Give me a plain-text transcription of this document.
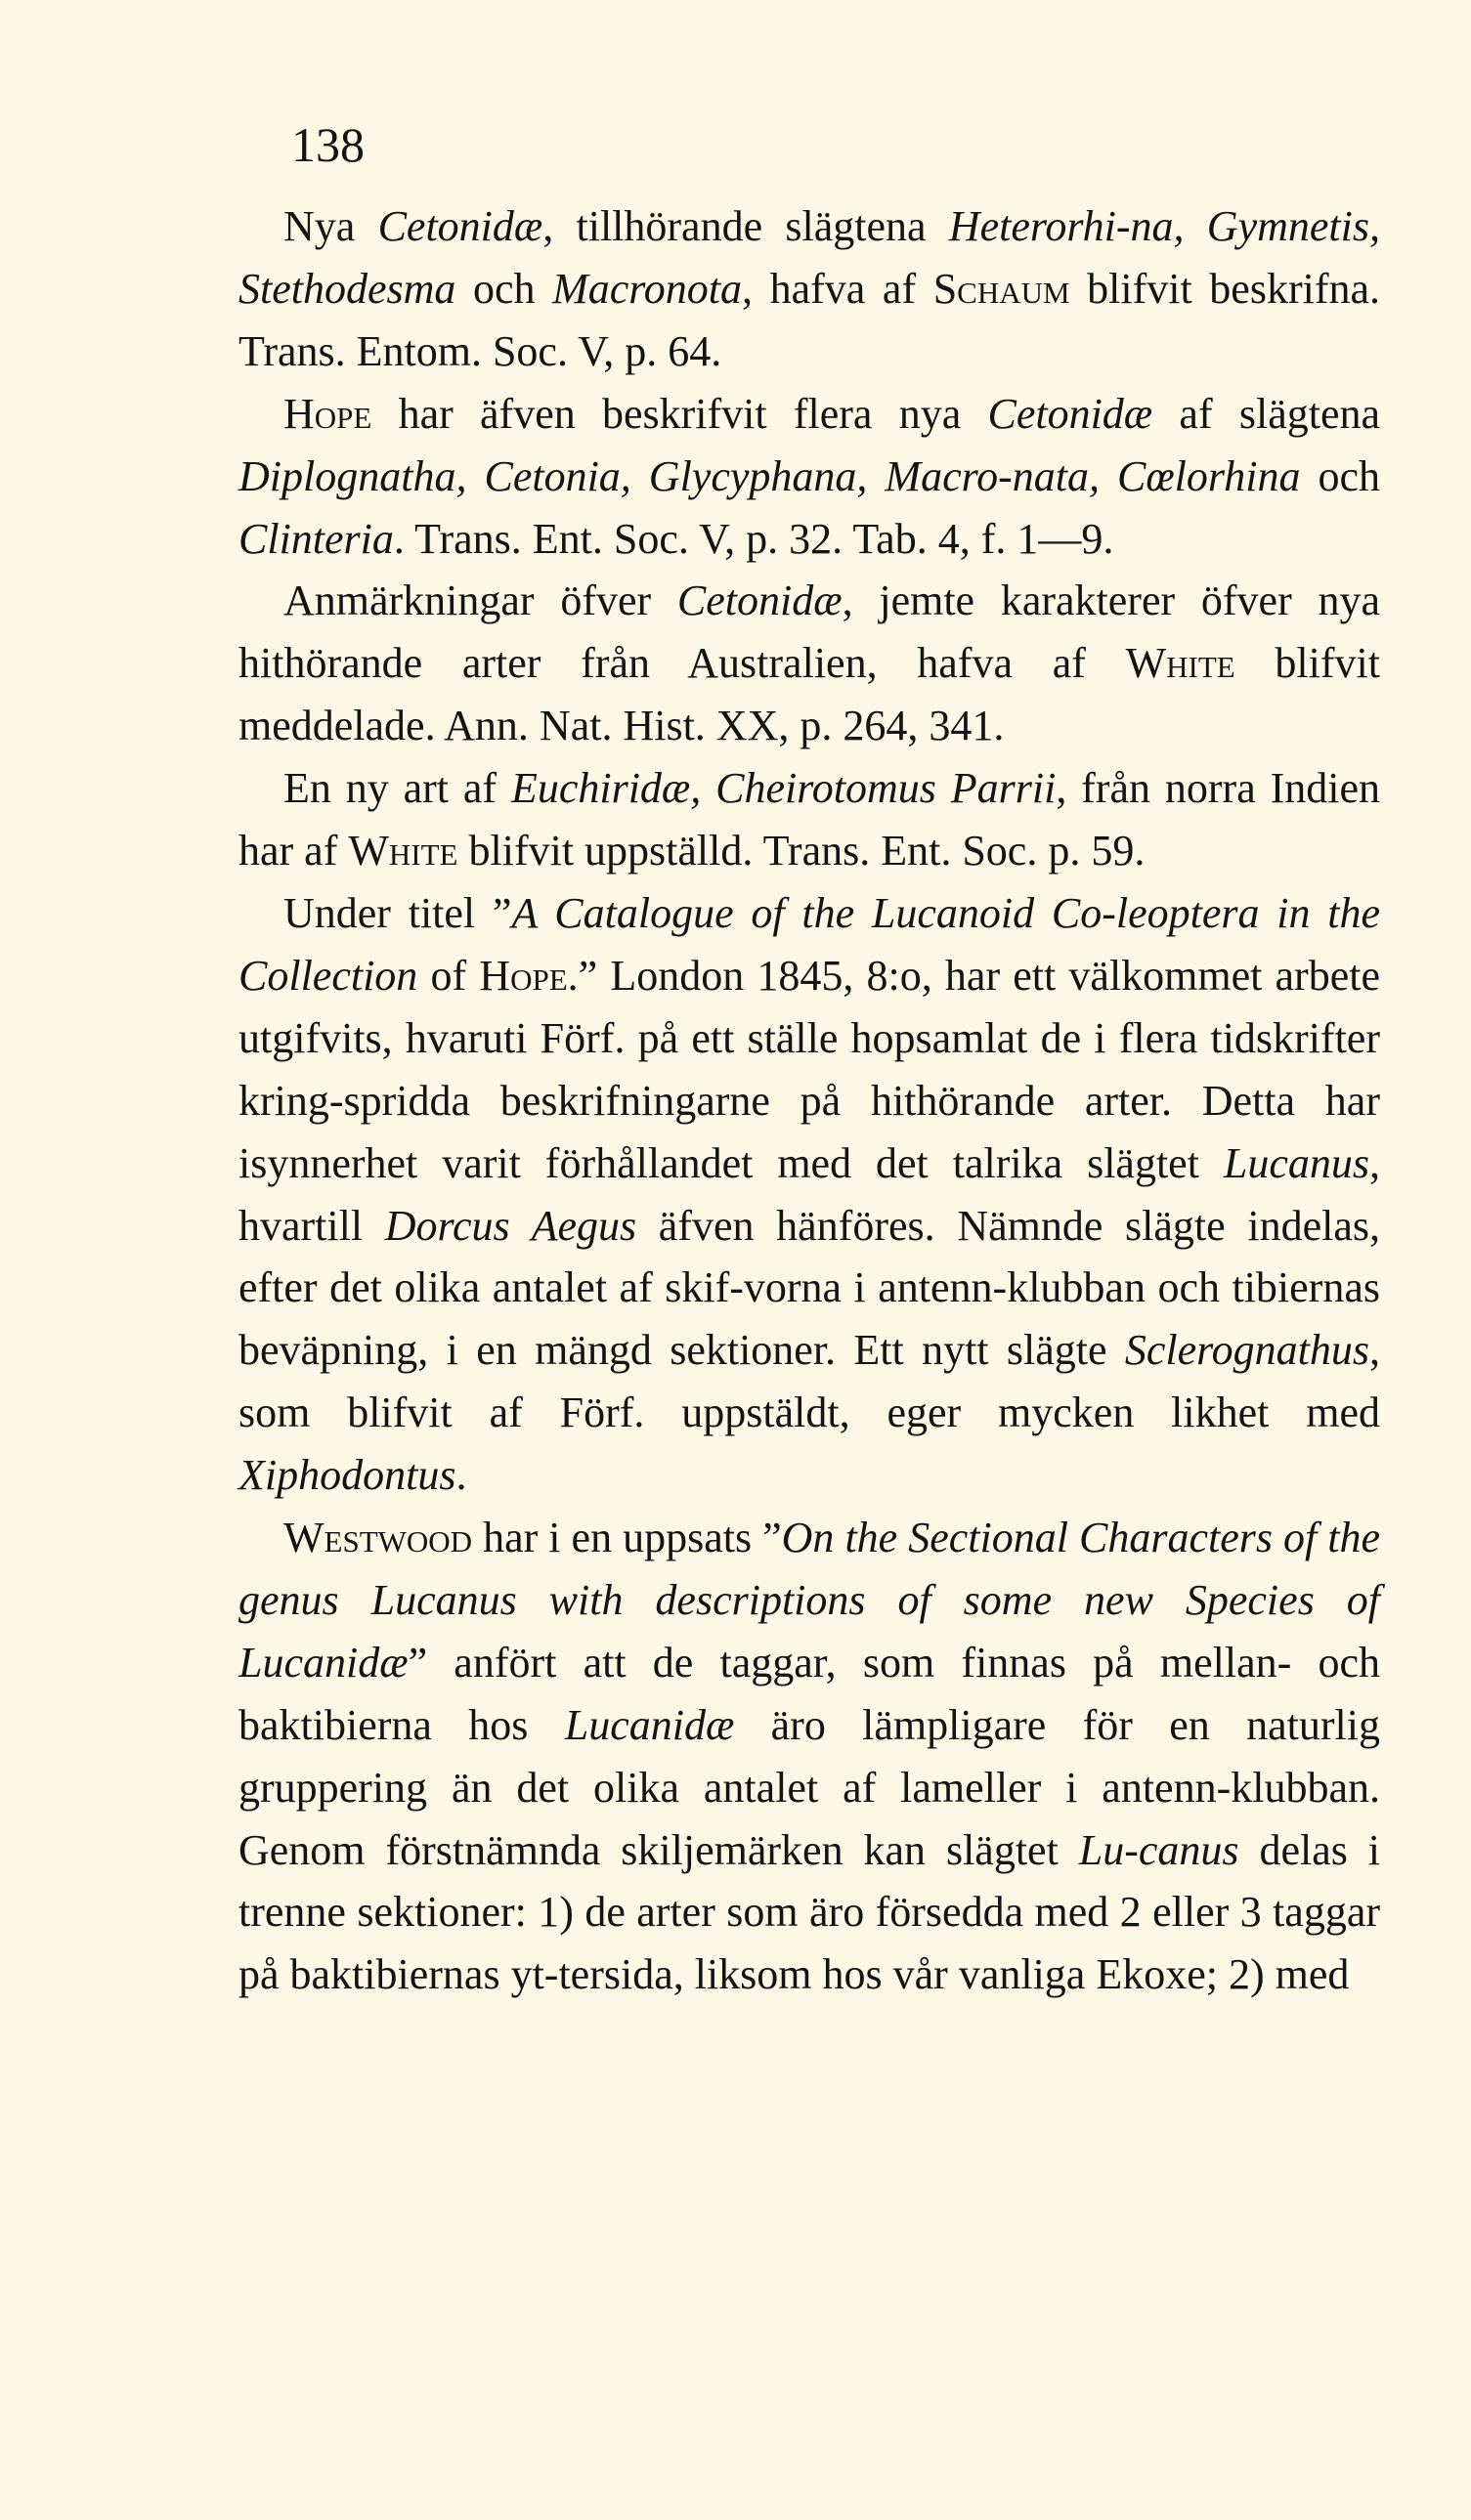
138

Nya Cetonidæ, tillhörande slägtena Heterorhi-na, Gymnetis, Stethodesma och Macronota, hafva af Schaum blifvit beskrifna. Trans. Entom. Soc. V, p. 64.

Hope har äfven beskrifvit flera nya Cetonidæ af slägtena Diplognatha, Cetonia, Glycyphana, Macro-nata, Cœlorhina och Clinteria. Trans. Ent. Soc. V, p. 32. Tab. 4, f. 1—9.

Anmärkningar öfver Cetonidæ, jemte karakterer öfver nya hithörande arter från Australien, hafva af White blifvit meddelade. Ann. Nat. Hist. XX, p. 264, 341.

En ny art af Euchiridæ, Cheirotomus Parrii, från norra Indien har af White blifvit uppställd. Trans. Ent. Soc. p. 59.

Under titel ”A Catalogue of the Lucanoid Co-leoptera in the Collection of Hope.” London 1845, 8:o, har ett välkommet arbete utgifvits, hvaruti Förf. på ett ställe hopsamlat de i flera tidskrifter kring-spridda beskrifningarne på hithörande arter. Detta har isynnerhet varit förhållandet med det talrika slägtet Lucanus, hvartill Dorcus Aegus äfven hänföres. Nämnde slägte indelas, efter det olika antalet af skif-vorna i antenn-klubban och tibiernas beväpning, i en mängd sektioner. Ett nytt slägte Sclerognathus, som blifvit af Förf. uppstäldt, eger mycken likhet med Xiphodontus.

Westwood har i en uppsats ”On the Sectional Characters of the genus Lucanus with descriptions of some new Species of Lucanidæ” anfört att de taggar, som finnas på mellan- och baktibierna hos Lucanidæ äro lämpligare för en naturlig gruppering än det olika antalet af lameller i antenn-klubban. Genom förstnämnda skiljemärken kan slägtet Lu-canus delas i trenne sektioner: 1) de arter som äro försedda med 2 eller 3 taggar på baktibiernas yt-tersida, liksom hos vår vanliga Ekoxe; 2) med
